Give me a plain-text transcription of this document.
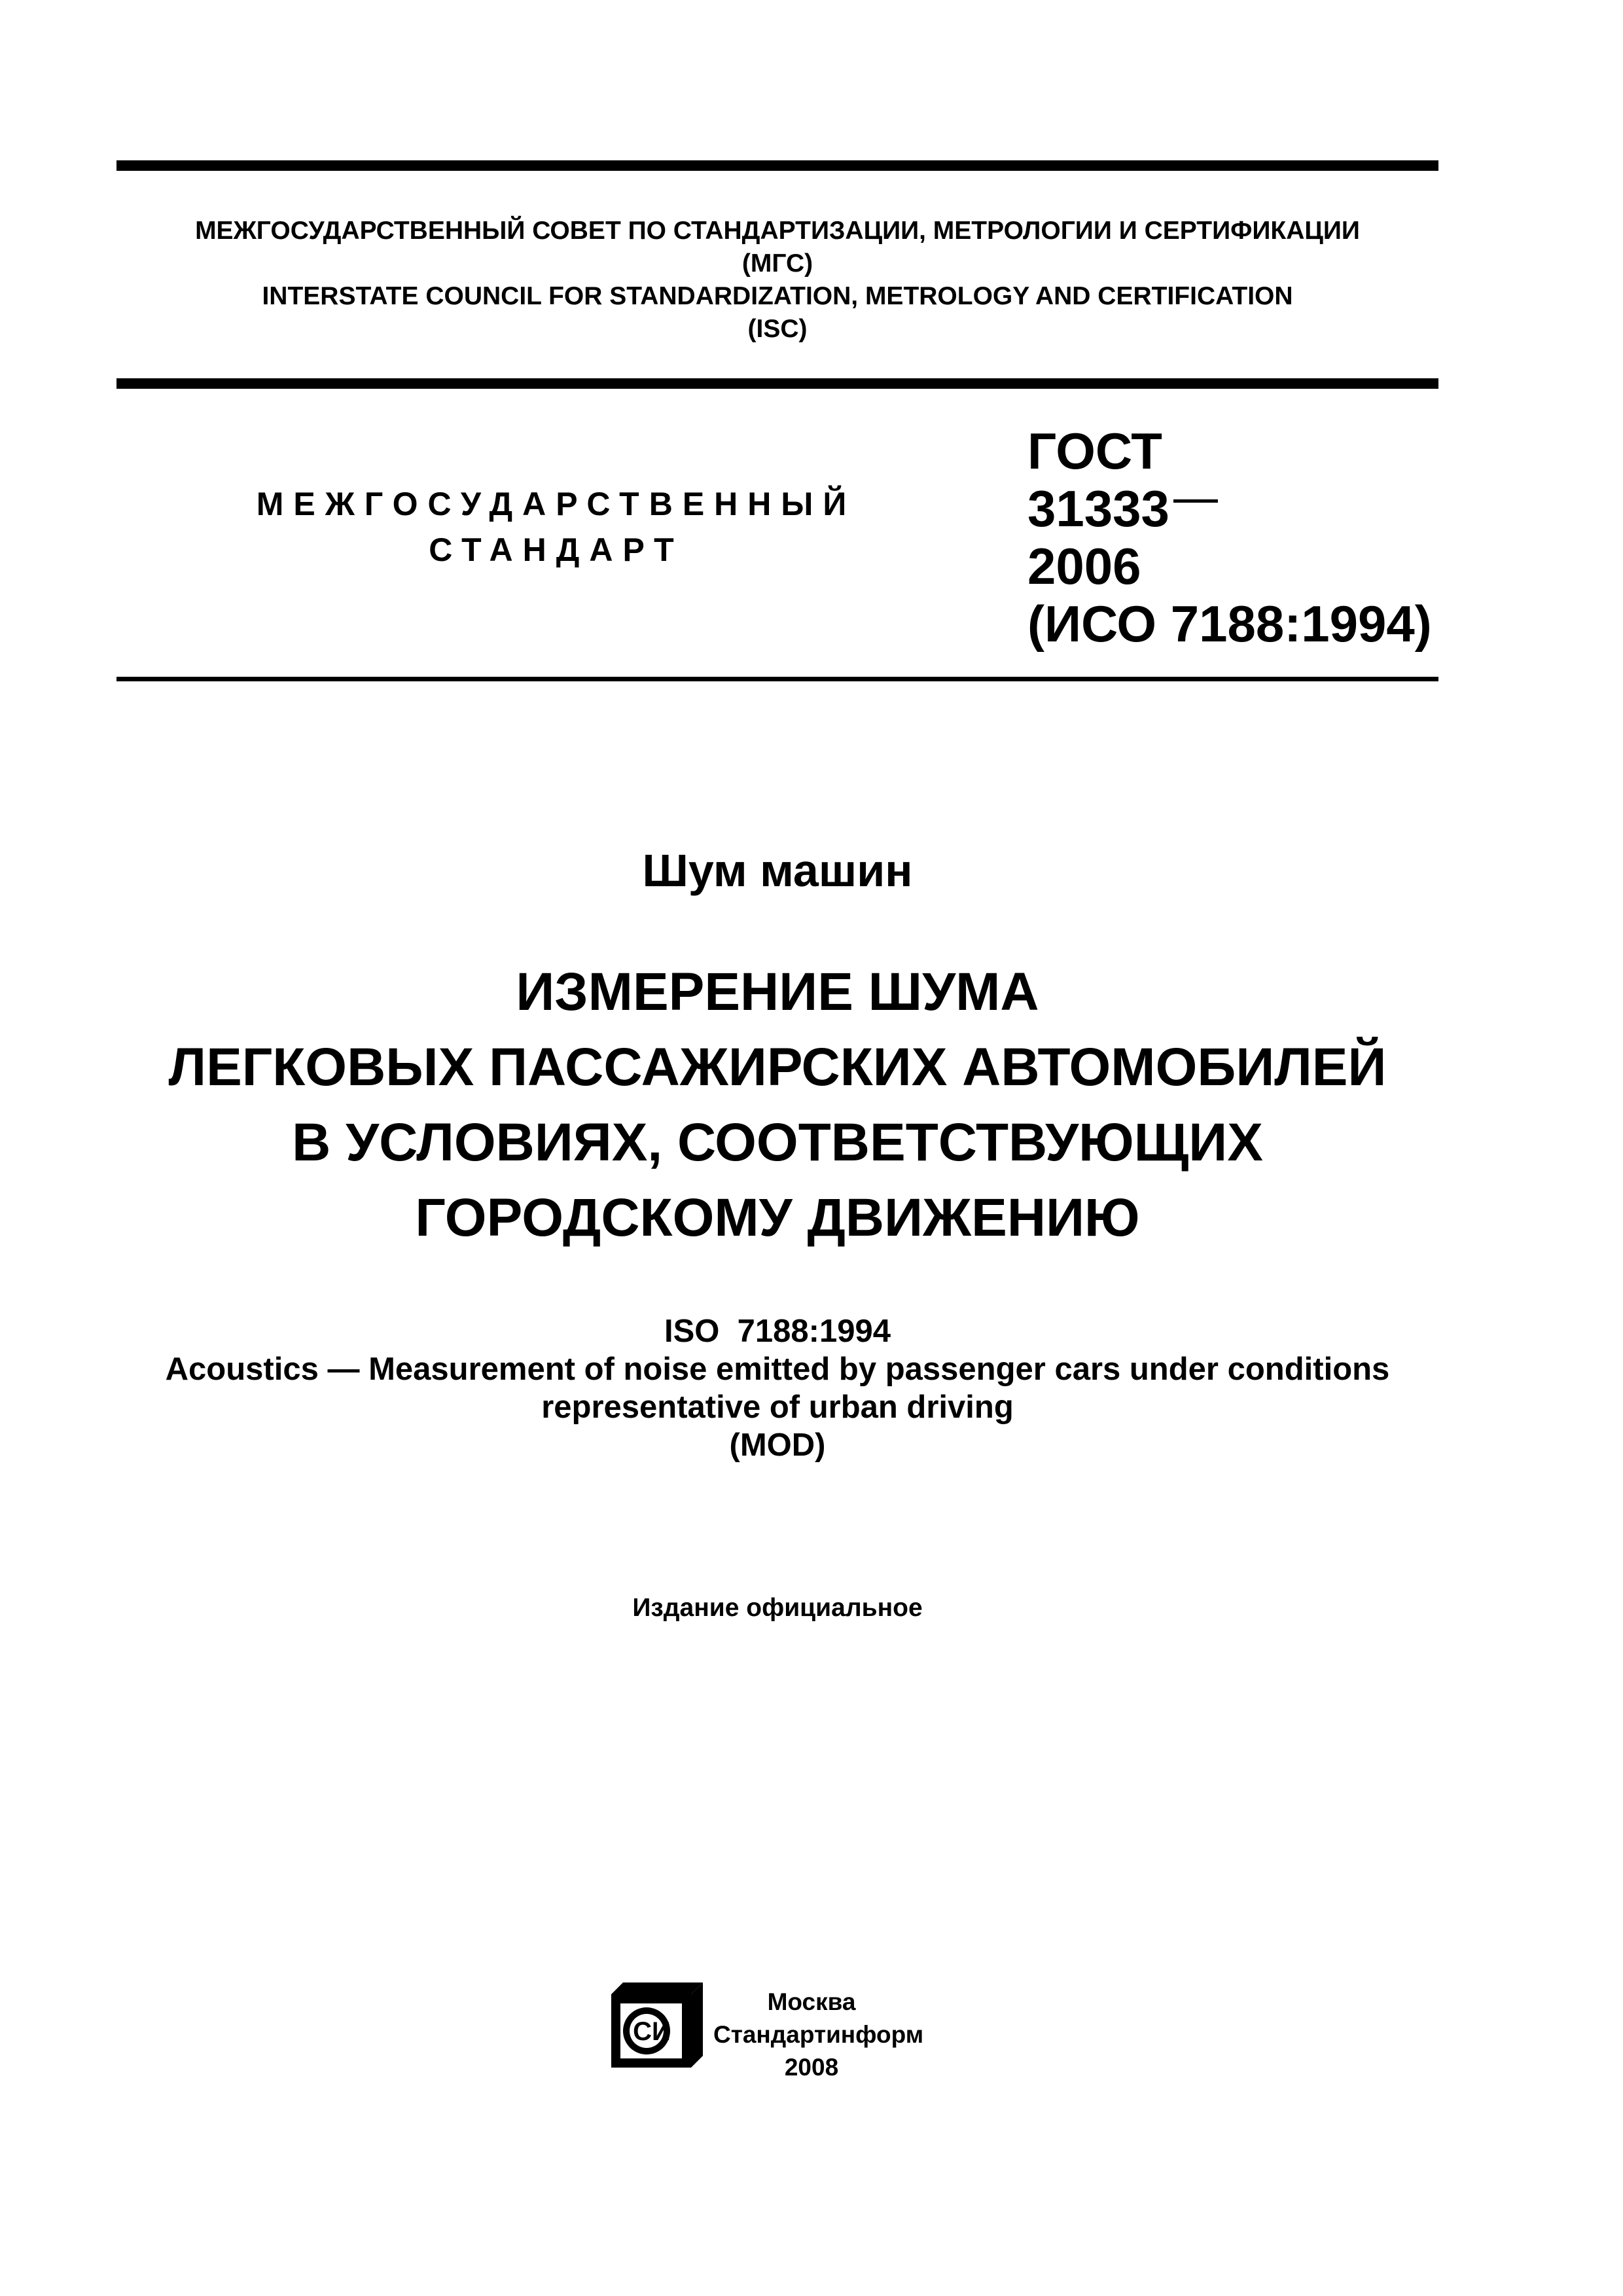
МЕЖГОСУДАРСТВЕННЫЙ СОВЕТ ПО СТАНДАРТИЗАЦИИ, МЕТРОЛОГИИ И СЕРТИФИКАЦИИ
(МГС)
INTERSTATE COUNCIL FOR STANDARDIZATION, METROLOGY AND CERTIFICATION
(ISC)
МЕЖГОСУДАРСТВЕННЫЙ
СТАНДАРТ
ГОСТ
31333
2006
(ИСО 7188:1994)
Шум машин
ИЗМЕРЕНИЕ ШУМА
ЛЕГКОВЫХ ПАССАЖИРСКИХ АВТОМОБИЛЕЙ
В УСЛОВИЯХ, СООТВЕТСТВУЮЩИХ
ГОРОДСКОМУ ДВИЖЕНИЮ
ISO  7188:1994
Acoustics — Measurement of noise emitted by passenger cars under conditions
representative of urban driving
(MOD)
Издание официальное
СИ
Москва
Стандартинформ
2008
